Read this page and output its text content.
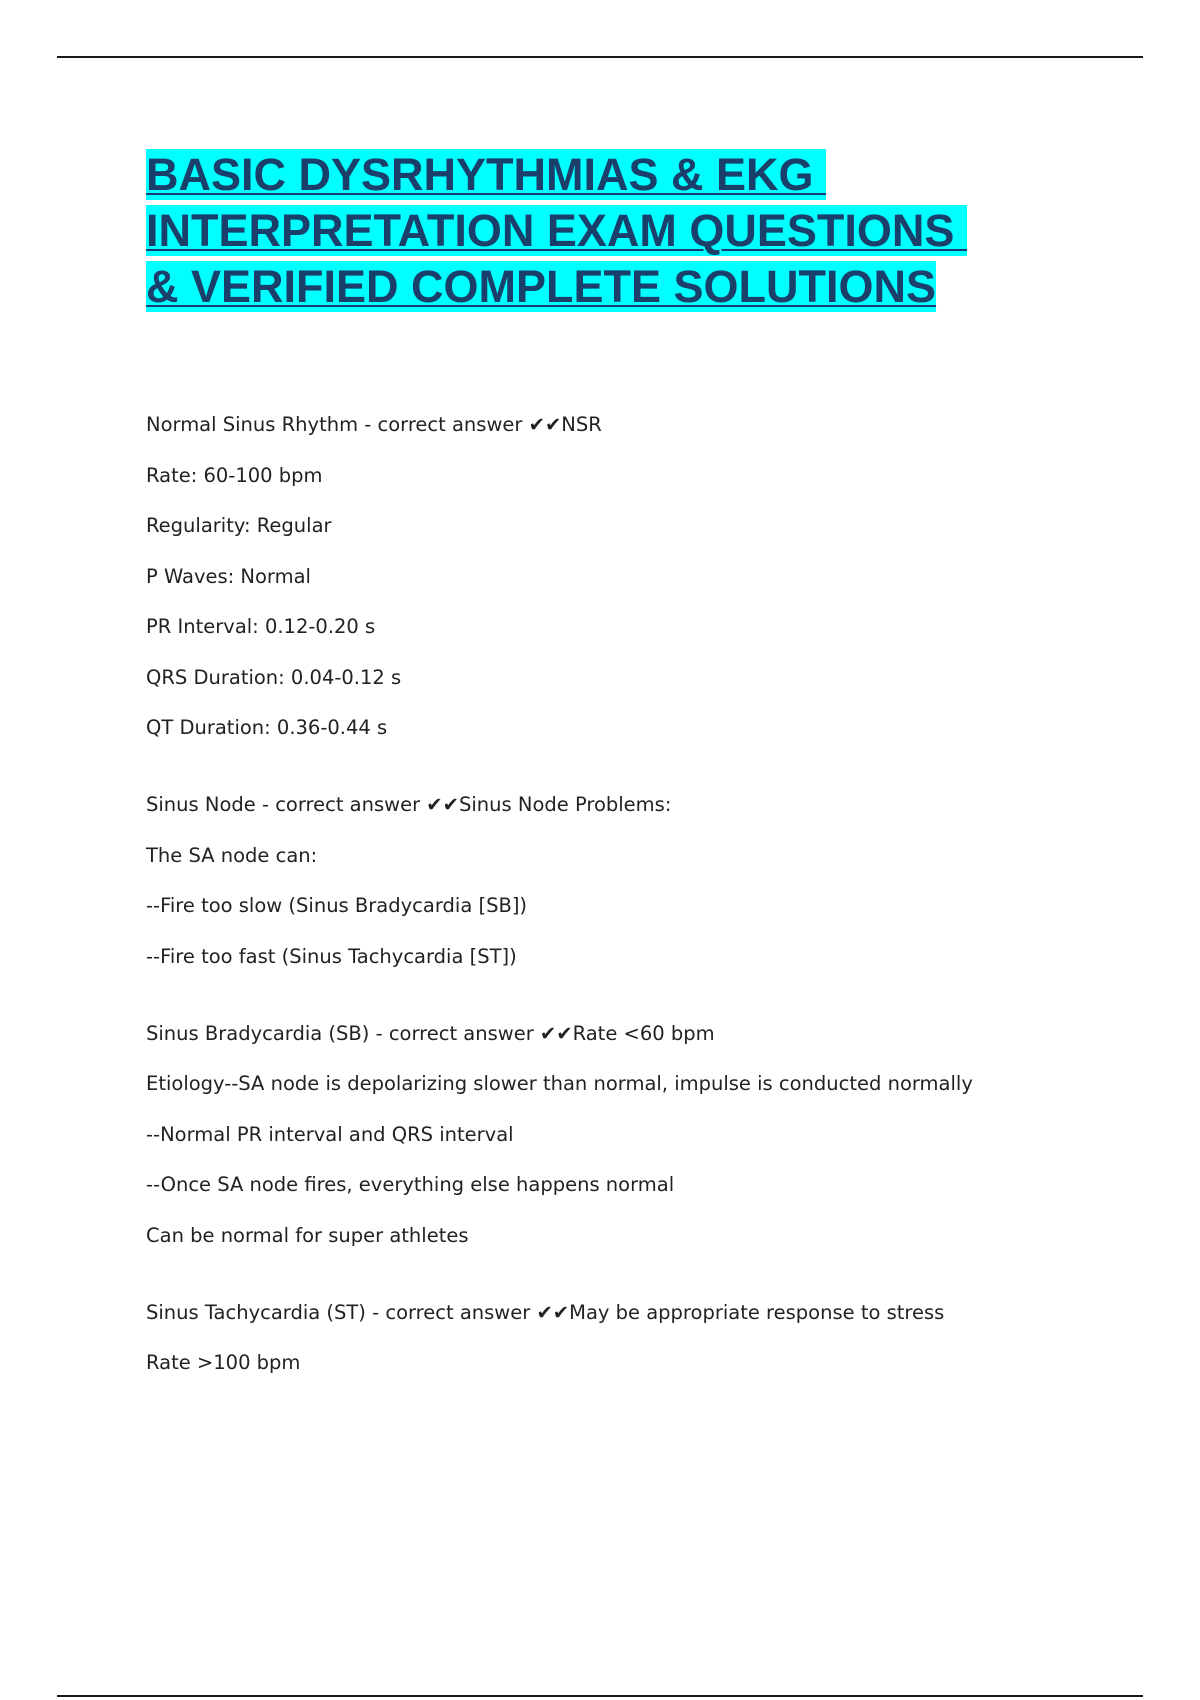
BASIC DYSRHYTHMIAS & EKG
INTERPRETATION EXAM QUESTIONS
& VERIFIED COMPLETE SOLUTIONS
Normal Sinus Rhythm - correct answer ✔✔NSR
Rate: 60-100 bpm
Regularity: Regular
P Waves: Normal
PR Interval: 0.12-0.20 s
QRS Duration: 0.04-0.12 s
QT Duration: 0.36-0.44 s
Sinus Node - correct answer ✔✔Sinus Node Problems:
The SA node can:
--Fire too slow (Sinus Bradycardia [SB])
--Fire too fast (Sinus Tachycardia [ST])
Sinus Bradycardia (SB) - correct answer ✔✔Rate <60 bpm
Etiology--SA node is depolarizing slower than normal, impulse is conducted normally
--Normal PR interval and QRS interval
--Once SA node fires, everything else happens normal
Can be normal for super athletes
Sinus Tachycardia (ST) - correct answer ✔✔May be appropriate response to stress
Rate >100 bpm
